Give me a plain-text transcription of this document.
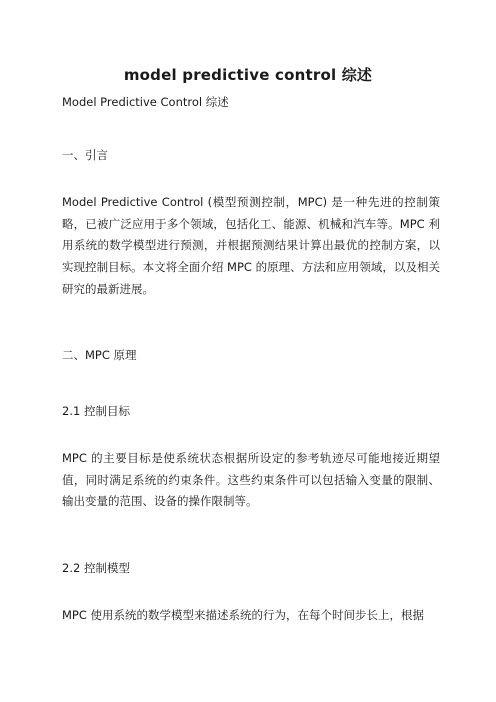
model predictive control 综述
Model Predictive Control 综述
一、引言
Model Predictive Control (模型预测控制，MPC) 是一种先进的控制策略，已被广泛应用于多个领域，包括化工、能源、机械和汽车等。MPC 利用系统的数学模型进行预测，并根据预测结果计算出最优的控制方案，以实现控制目标。本文将全面介绍 MPC 的原理、方法和应用领域，以及相关研究的最新进展。
二、MPC 原理
2.1 控制目标
MPC 的主要目标是使系统状态根据所设定的参考轨迹尽可能地接近期望值，同时满足系统的约束条件。这些约束条件可以包括输入变量的限制、输出变量的范围、设备的操作限制等。
2.2 控制模型
MPC 使用系统的数学模型来描述系统的行为，在每个时间步长上，根据
